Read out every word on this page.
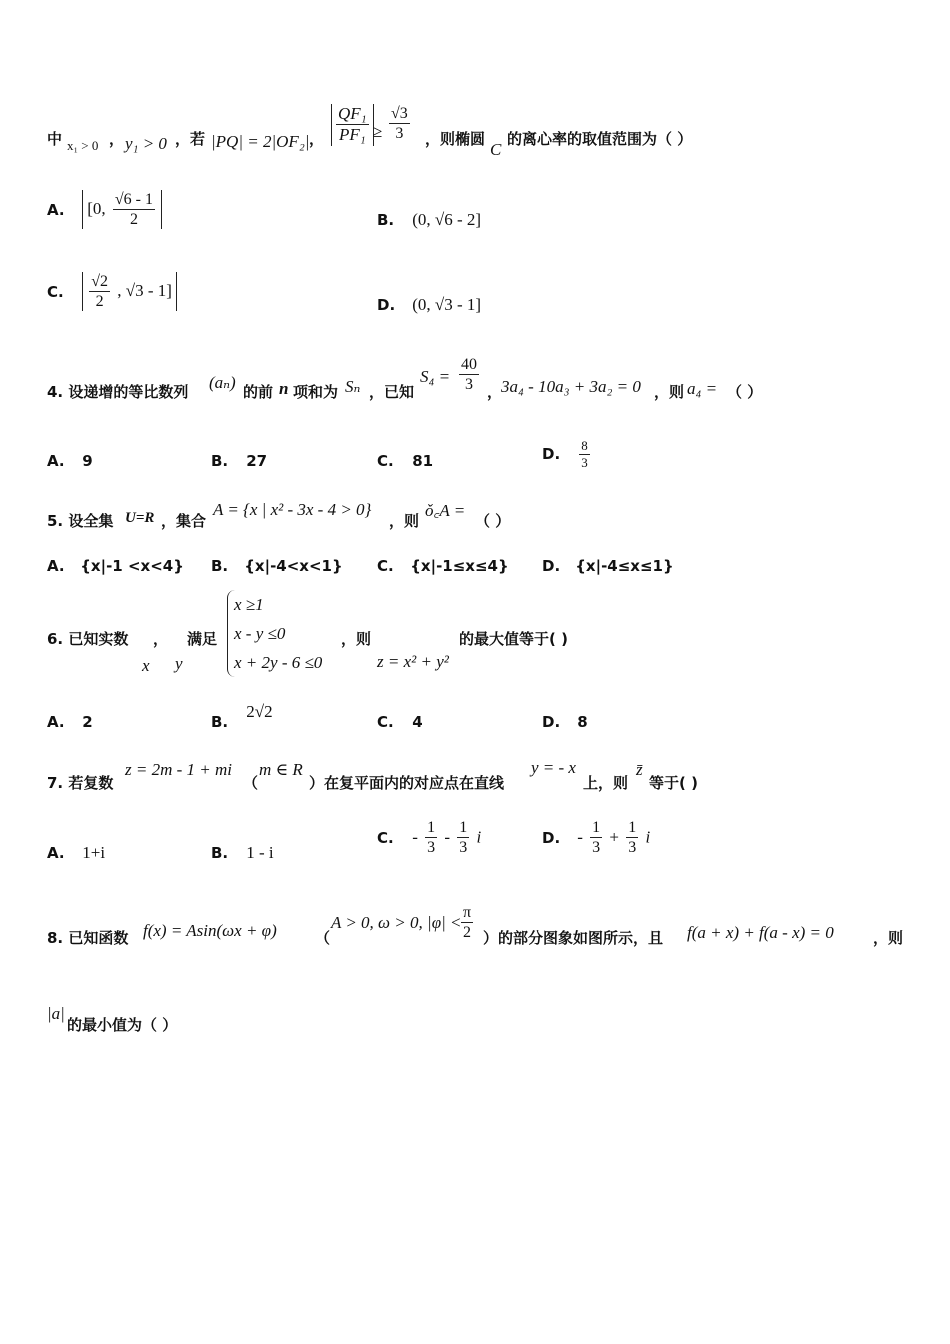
中 x₁ > 0 ， y₁ > 0 ，若 |PQ| = 2|OF₂| ， $\frac{\text{QF₁}}{\text{PF₁}} \ge \frac{√3}{3}$ ，则椭圆
C
的离心率的取值范围为（ ）
A. [0, $\frac{√6 - 1}{2}$	B. (0, √6 - 2]
C. $\frac{√2}{2}$ , √3 - 1]
D. (0, √3 - 1]
4. 设递增的等比数列 (aₙ) 的前 n 项和为 Sₙ ，已知
$S_4 = \frac{40}{3}$ ，
3a₄ - 10a₃ + 3a₂ = 0 ，则 a₄ = （ ）
A. 9	B. 27	C. 81	D. $\frac{8}{3}$
5. 设全集 U=R ，集合
A = {x | x² - 3x - 4 > 0}
，则
ǒ꜀A =
（ ）
A. {x|-1 <x<4} B. {x|-4<x<1} C. {x|-1≤x≤4} D. {x|-4≤x≤1}
6. 已知实数 ， 满足
x y
x ≥1
x - y ≤0
x + 2y - 6 ≤0
，则
z = x² + y²
的最大值等于( )
A. 2	B. 2√2
C. 4	D. 8
7. 若复数
z = 2m - 1 + mi
（
m ∈ R
）在复平面内的对应点在直线
y = - x
上，则
z̄
等于( )
A. 1+i	B. 1 - i
C. - $\frac{1}{3} - \frac{1}{3}$ i	D. - $\frac{1}{3} + \frac{1}{3}$ i
8. 已知函数 f(x) = Asin(ωx + φ)	（
A > 0, ω > 0, $|\varphi| < \frac{\pi}{2}$ ）的部分图象如图所示，且 f(a + x) + f(a - x) = 0	，则
|a|
的最小值为（ ）
